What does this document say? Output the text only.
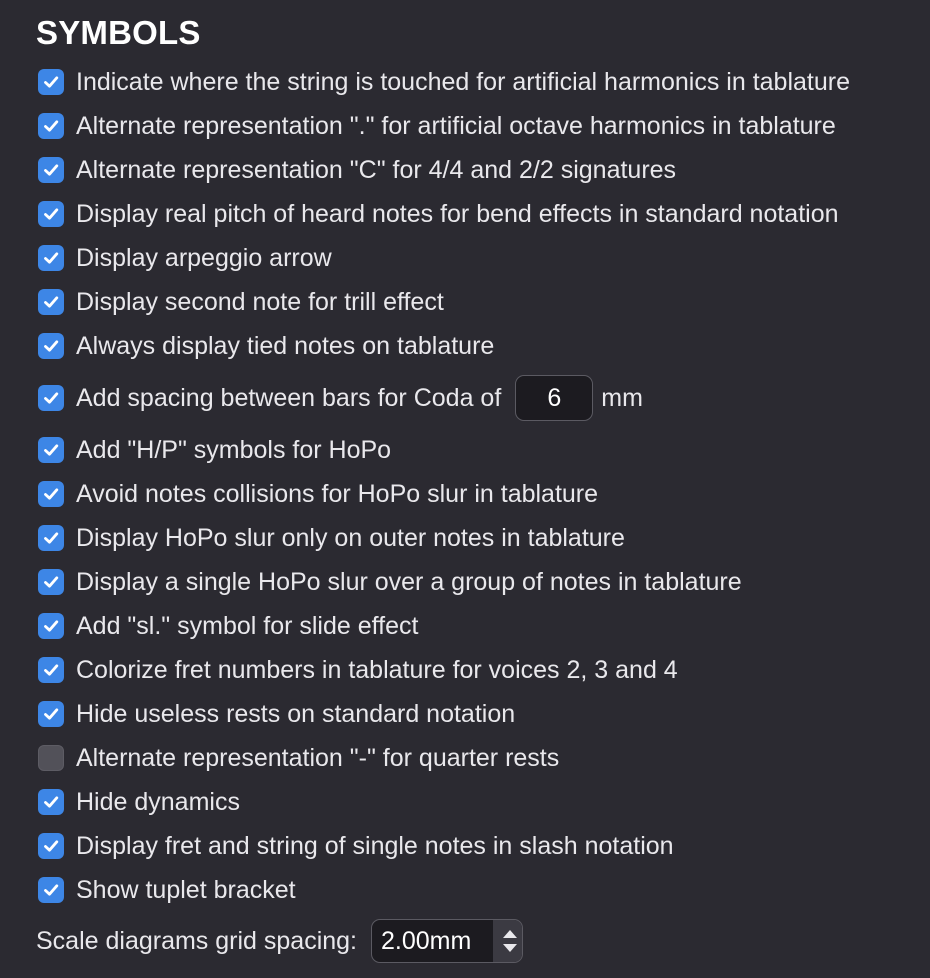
SYMBOLS
Indicate where the string is touched for artificial harmonics in tablature
Alternate representation "." for artificial octave harmonics in tablature
Alternate representation "C" for 4/4 and 2/2 signatures
Display real pitch of heard notes for bend effects in standard notation
Display arpeggio arrow
Display second note for trill effect
Always display tied notes on tablature
Add spacing between bars for Coda of
6	mm
Add "H/P" symbols for HoPo
Avoid notes collisions for HoPo slur in tablature
Display HoPo slur only on outer notes in tablature
Display a single HoPo slur over a group of notes in tablature
Add "sl." symbol for slide effect
Colorize fret numbers in tablature for voices 2, 3 and 4
Hide useless rests on standard notation
Alternate representation "-" for quarter rests
Hide dynamics
Display fret and string of single notes in slash notation
Show tuplet bracket
Scale diagrams grid spacing:
2.00mm
